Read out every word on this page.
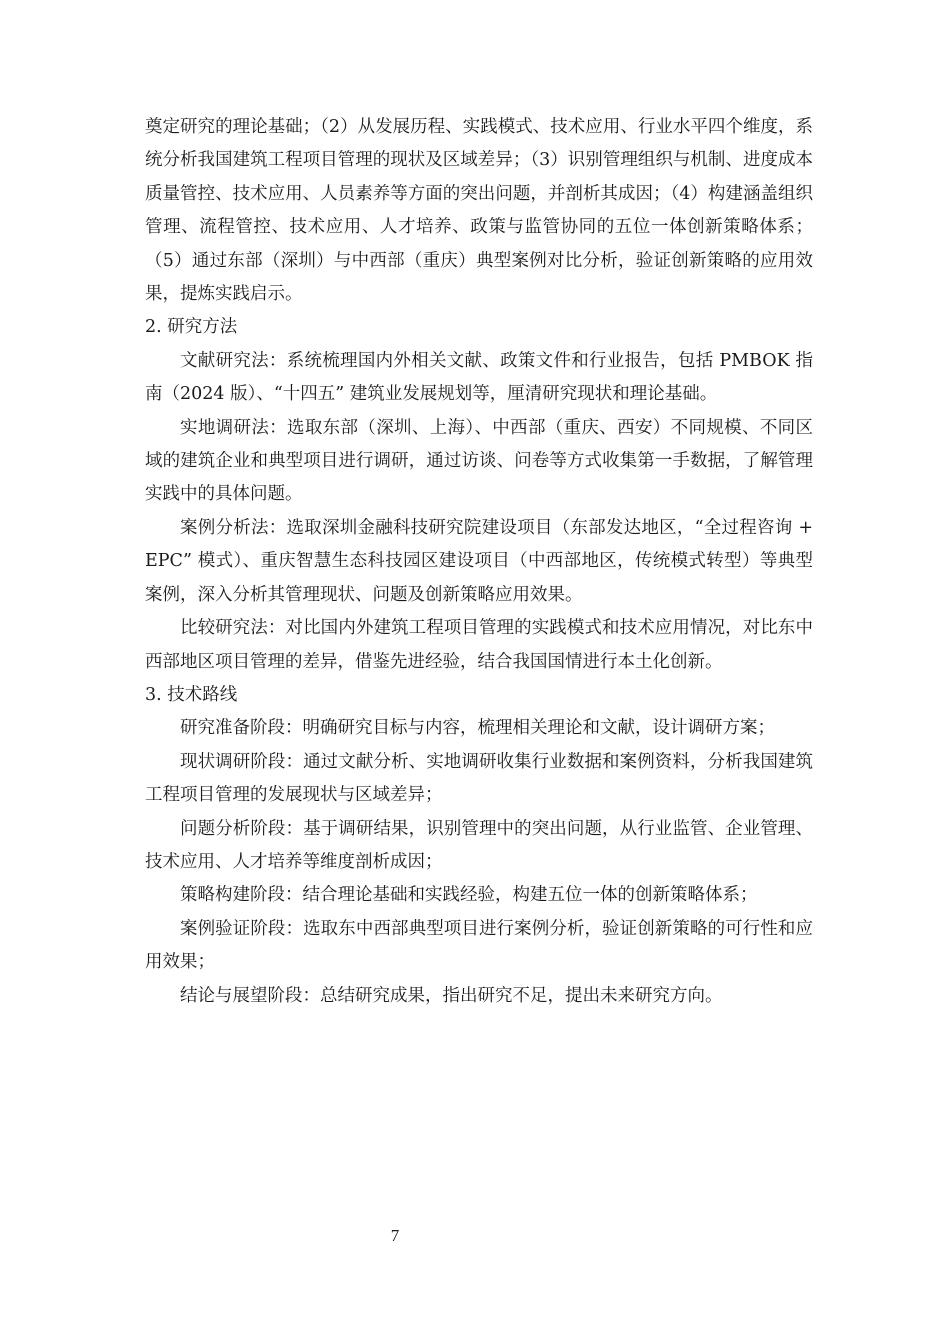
奠定研究的理论基础；（2）从发展历程、实践模式、技术应用、行业水平四个维度，系统分析我国建筑工程项目管理的现状及区域差异；（3）识别管理组织与机制、进度成本质量管控、技术应用、人员素养等方面的突出问题，并剖析其成因；（4）构建涵盖组织管理、流程管控、技术应用、人才培养、政策与监管协同的五位一体创新策略体系；（5）通过东部（深圳）与中西部（重庆）典型案例对比分析，验证创新策略的应用效果，提炼实践启示。

2. 研究方法

文献研究法：系统梳理国内外相关文献、政策文件和行业报告，包括 PMBOK 指南（2024 版）、“十四五” 建筑业发展规划等，厘清研究现状和理论基础。

实地调研法：选取东部（深圳、上海）、中西部（重庆、西安）不同规模、不同区域的建筑企业和典型项目进行调研，通过访谈、问卷等方式收集第一手数据，了解管理实践中的具体问题。

案例分析法：选取深圳金融科技研究院建设项目（东部发达地区，“全过程咨询 + EPC” 模式）、重庆智慧生态科技园区建设项目（中西部地区，传统模式转型）等典型案例，深入分析其管理现状、问题及创新策略应用效果。

比较研究法：对比国内外建筑工程项目管理的实践模式和技术应用情况，对比东中西部地区项目管理的差异，借鉴先进经验，结合我国国情进行本土化创新。

3. 技术路线

研究准备阶段：明确研究目标与内容，梳理相关理论和文献，设计调研方案；

现状调研阶段：通过文献分析、实地调研收集行业数据和案例资料，分析我国建筑工程项目管理的发展现状与区域差异；

问题分析阶段：基于调研结果，识别管理中的突出问题，从行业监管、企业管理、技术应用、人才培养等维度剖析成因；

策略构建阶段：结合理论基础和实践经验，构建五位一体的创新策略体系；

案例验证阶段：选取东中西部典型项目进行案例分析，验证创新策略的可行性和应用效果；

结论与展望阶段：总结研究成果，指出研究不足，提出未来研究方向。

7
